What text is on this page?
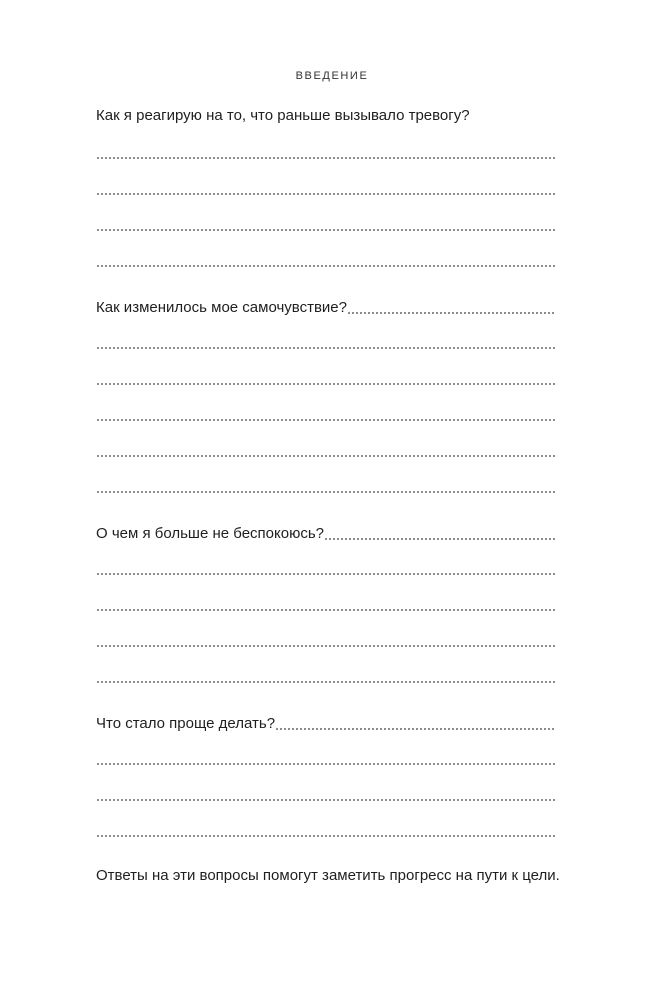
ВВЕДЕНИЕ
Как я реагирую на то, что раньше вызывало тревогу?
Как изменилось мое самочувствие?
О чем я больше не беспокоюсь?
Что стало проще делать?
Ответы на эти вопросы помогут заметить прогресс на пути к цели.
